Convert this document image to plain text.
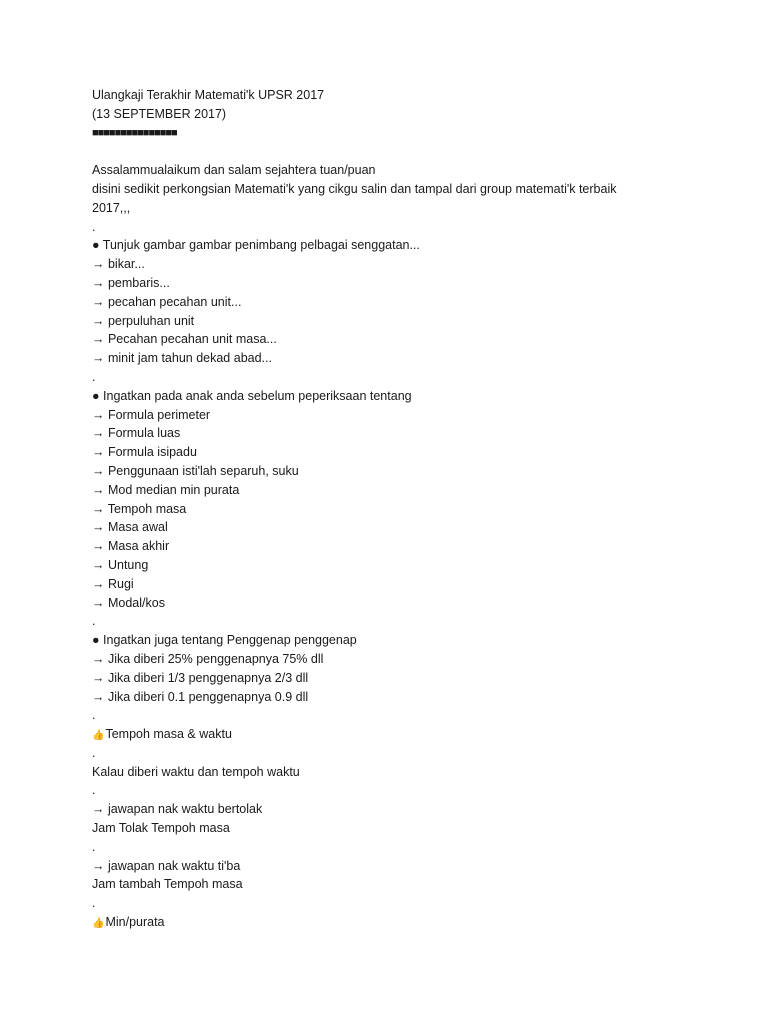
Ulangkaji Terakhir Matemati'k UPSR 2017
(13 SEPTEMBER 2017)
■■■■■■■■■■■■■■■
Assalammualaikum dan salam sejahtera tuan/puan
disini sedikit perkongsian Matemati'k yang cikgu salin dan tampal dari group matemati'k terbaik
2017,,,
.
● Tunjuk gambar gambar penimbang pelbagai senggatan...
→ bikar...
→ pembaris...
→ pecahan pecahan unit...
→ perpuluhan unit
→ Pecahan pecahan unit masa...
→ minit jam tahun dekad abad...
.
● Ingatkan pada anak anda sebelum peperiksaan tentang
→ Formula perimeter
→ Formula luas
→ Formula isipadu
→ Penggunaan isti'lah separuh, suku
→ Mod median min purata
→ Tempoh masa
→ Masa awal
→ Masa akhir
→ Untung
→ Rugi
→ Modal/kos
.
● Ingatkan juga tentang Penggenap penggenap
→ Jika diberi 25% penggenapnya 75% dll
→ Jika diberi 1/3 penggenapnya 2/3 dll
→ Jika diberi 0.1 penggenapnya 0.9 dll
.
👍Tempoh masa & waktu
.
Kalau diberi waktu dan tempoh waktu
.
→ jawapan nak waktu bertolak
Jam Tolak Tempoh masa
.
→ jawapan nak waktu ti'ba
Jam tambah Tempoh masa
.
👍Min/purata
